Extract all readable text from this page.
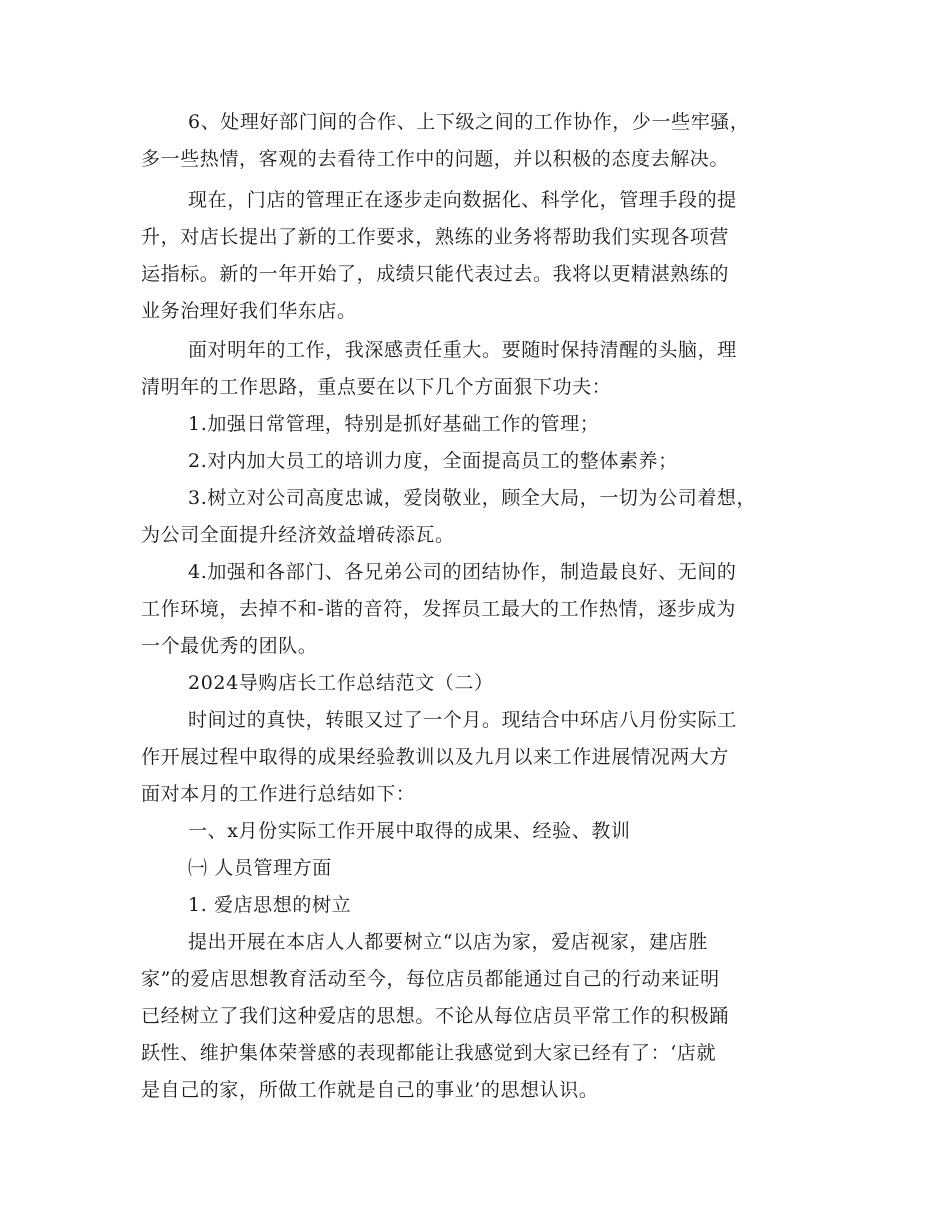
6、处理好部门间的合作、上下级之间的工作协作，少一些牢骚，
多一些热情，客观的去看待工作中的问题，并以积极的态度去解决。
现在，门店的管理正在逐步走向数据化、科学化，管理手段的提
升，对店长提出了新的工作要求，熟练的业务将帮助我们实现各项营
运指标。新的一年开始了，成绩只能代表过去。我将以更精湛熟练的
业务治理好我们华东店。
面对明年的工作，我深感责任重大。要随时保持清醒的头脑，理
清明年的工作思路，重点要在以下几个方面狠下功夫：
1.加强日常管理，特别是抓好基础工作的管理；
2.对内加大员工的培训力度，全面提高员工的整体素养；
3.树立对公司高度忠诚，爱岗敬业，顾全大局，一切为公司着想，
为公司全面提升经济效益增砖添瓦。
4.加强和各部门、各兄弟公司的团结协作，制造最良好、无间的
工作环境，去掉不和-谐的音符，发挥员工最大的工作热情，逐步成为
一个最优秀的团队。
2024导购店长工作总结范文（二）
时间过的真快，转眼又过了一个月。现结合中环店八月份实际工
作开展过程中取得的成果经验教训以及九月以来工作进展情况两大方
面对本月的工作进行总结如下：
一、x月份实际工作开展中取得的成果、经验、教训
㈠ 人员管理方面
1. 爱店思想的树立
提出开展在本店人人都要树立“以店为家，爱店视家，建店胜
家”的爱店思想教育活动至今，每位店员都能通过自己的行动来证明
已经树立了我们这种爱店的思想。不论从每位店员平常工作的积极踊
跃性、维护集体荣誉感的表现都能让我感觉到大家已经有了：‘店就
是自己的家，所做工作就是自己的事业’的思想认识。
